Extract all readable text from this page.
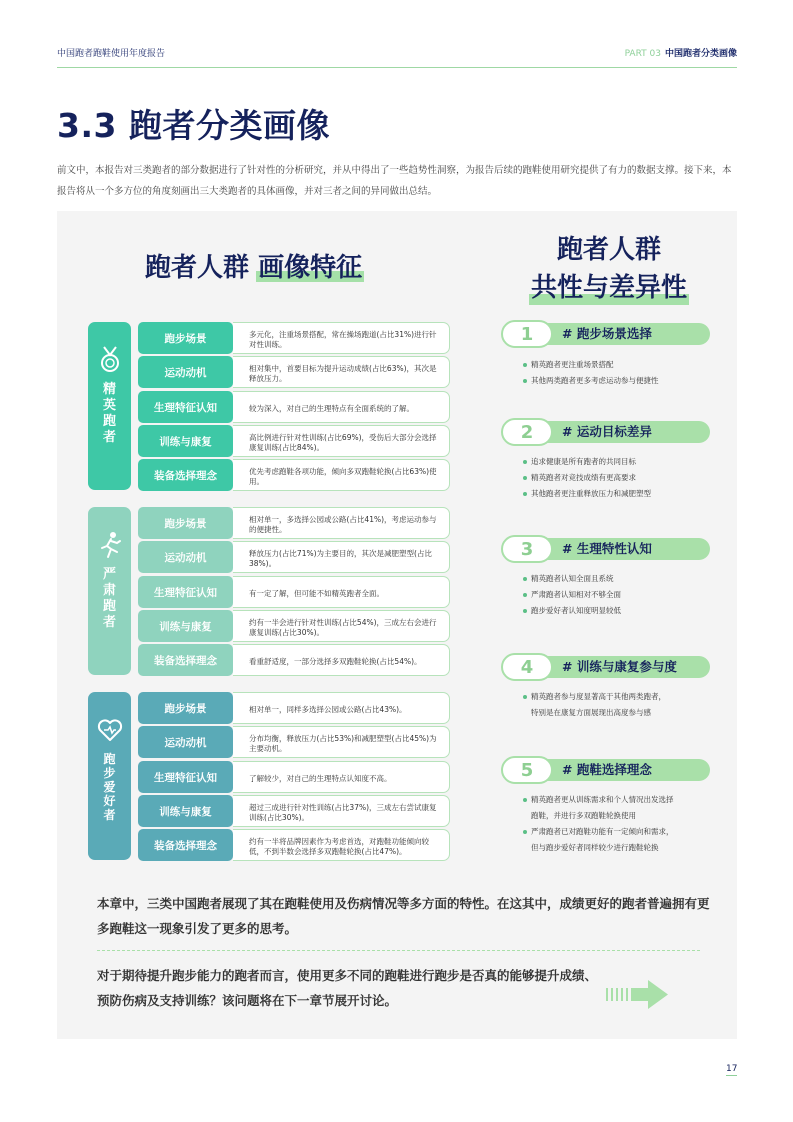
中国跑者跑鞋使用年度报告	PART 03 中国跑者分类画像
3.3 跑者分类画像

前文中，本报告对三类跑者的部分数据进行了针对性的分析研究，并从中得出了一些趋势性洞察，为报告后续的跑鞋使用研究提供了有力的数据支撑。接下来，本报告将从一个多方位的角度刻画出三大类跑者的具体画像，并对三者之间的异同做出总结。

跑者人群 画像特征
跑者人群
共性与差异性
精英跑者
严肃跑者
跑步爱好者
跑步场景	多元化，注重场景搭配，常在操场跑道(占比31%)进行针对性训练。
运动动机	相对集中，首要目标为提升运动成绩(占比63%)，其次是释放压力。
生理特征认知	较为深入，对自己的生理特点有全面系统的了解。
训练与康复	高比例进行针对性训练(占比69%)，受伤后大部分会选择康复训练(占比84%)。
装备选择理念	优先考虑跑鞋各项功能，倾向多双跑鞋轮换(占比63%)使用。
跑步场景	相对单一，多选择公园或公路(占比41%)，考虑运动参与的便捷性。
运动动机	释放压力(占比71%)为主要目的，其次是减肥塑型(占比38%)。
生理特征认知	有一定了解，但可能不如精英跑者全面。
训练与康复	约有一半会进行针对性训练(占比54%)，三成左右会进行康复训练(占比30%)。
装备选择理念	看重舒适度，一部分选择多双跑鞋轮换(占比54%)。
跑步场景	相对单一，同样多选择公园或公路(占比43%)。
运动动机	分布均衡，释放压力(占比53%)和减肥塑型(占比45%)为主要动机。
生理特征认知	了解较少，对自己的生理特点认知度不高。
训练与康复	超过三成进行针对性训练(占比37%)，三成左右尝试康复训练(占比30%)。
装备选择理念	约有一半将品牌因素作为考虑首选，对跑鞋功能倾向较低，不到半数会选择多双跑鞋轮换(占比47%)。
1	# 跑步场景选择
精英跑者更注重场景搭配
其他两类跑者更多考虑运动参与便捷性
2	# 运动目标差异
追求健康是所有跑者的共同目标
精英跑者对竞技成绩有更高要求
其他跑者更注重释放压力和减肥塑型
3	# 生理特性认知
精英跑者认知全面且系统
严肃跑者认知相对不够全面
跑步爱好者认知度明显较低
4	# 训练与康复参与度
精英跑者参与度显著高于其他两类跑者，
特别是在康复方面展现出高度参与感
5	# 跑鞋选择理念
精英跑者更从训练需求和个人情况出发选择
跑鞋，并进行多双跑鞋轮换使用
严肃跑者已对跑鞋功能有一定倾向和需求，
但与跑步爱好者同样较少进行跑鞋轮换

本章中，三类中国跑者展现了其在跑鞋使用及伤病情况等多方面的特性。在这其中，成绩更好的跑者普遍拥有更多跑鞋这一现象引发了更多的思考。

对于期待提升跑步能力的跑者而言，使用更多不同的跑鞋进行跑步是否真的能够提升成绩、预防伤病及支持训练？该问题将在下一章节展开讨论。

17
